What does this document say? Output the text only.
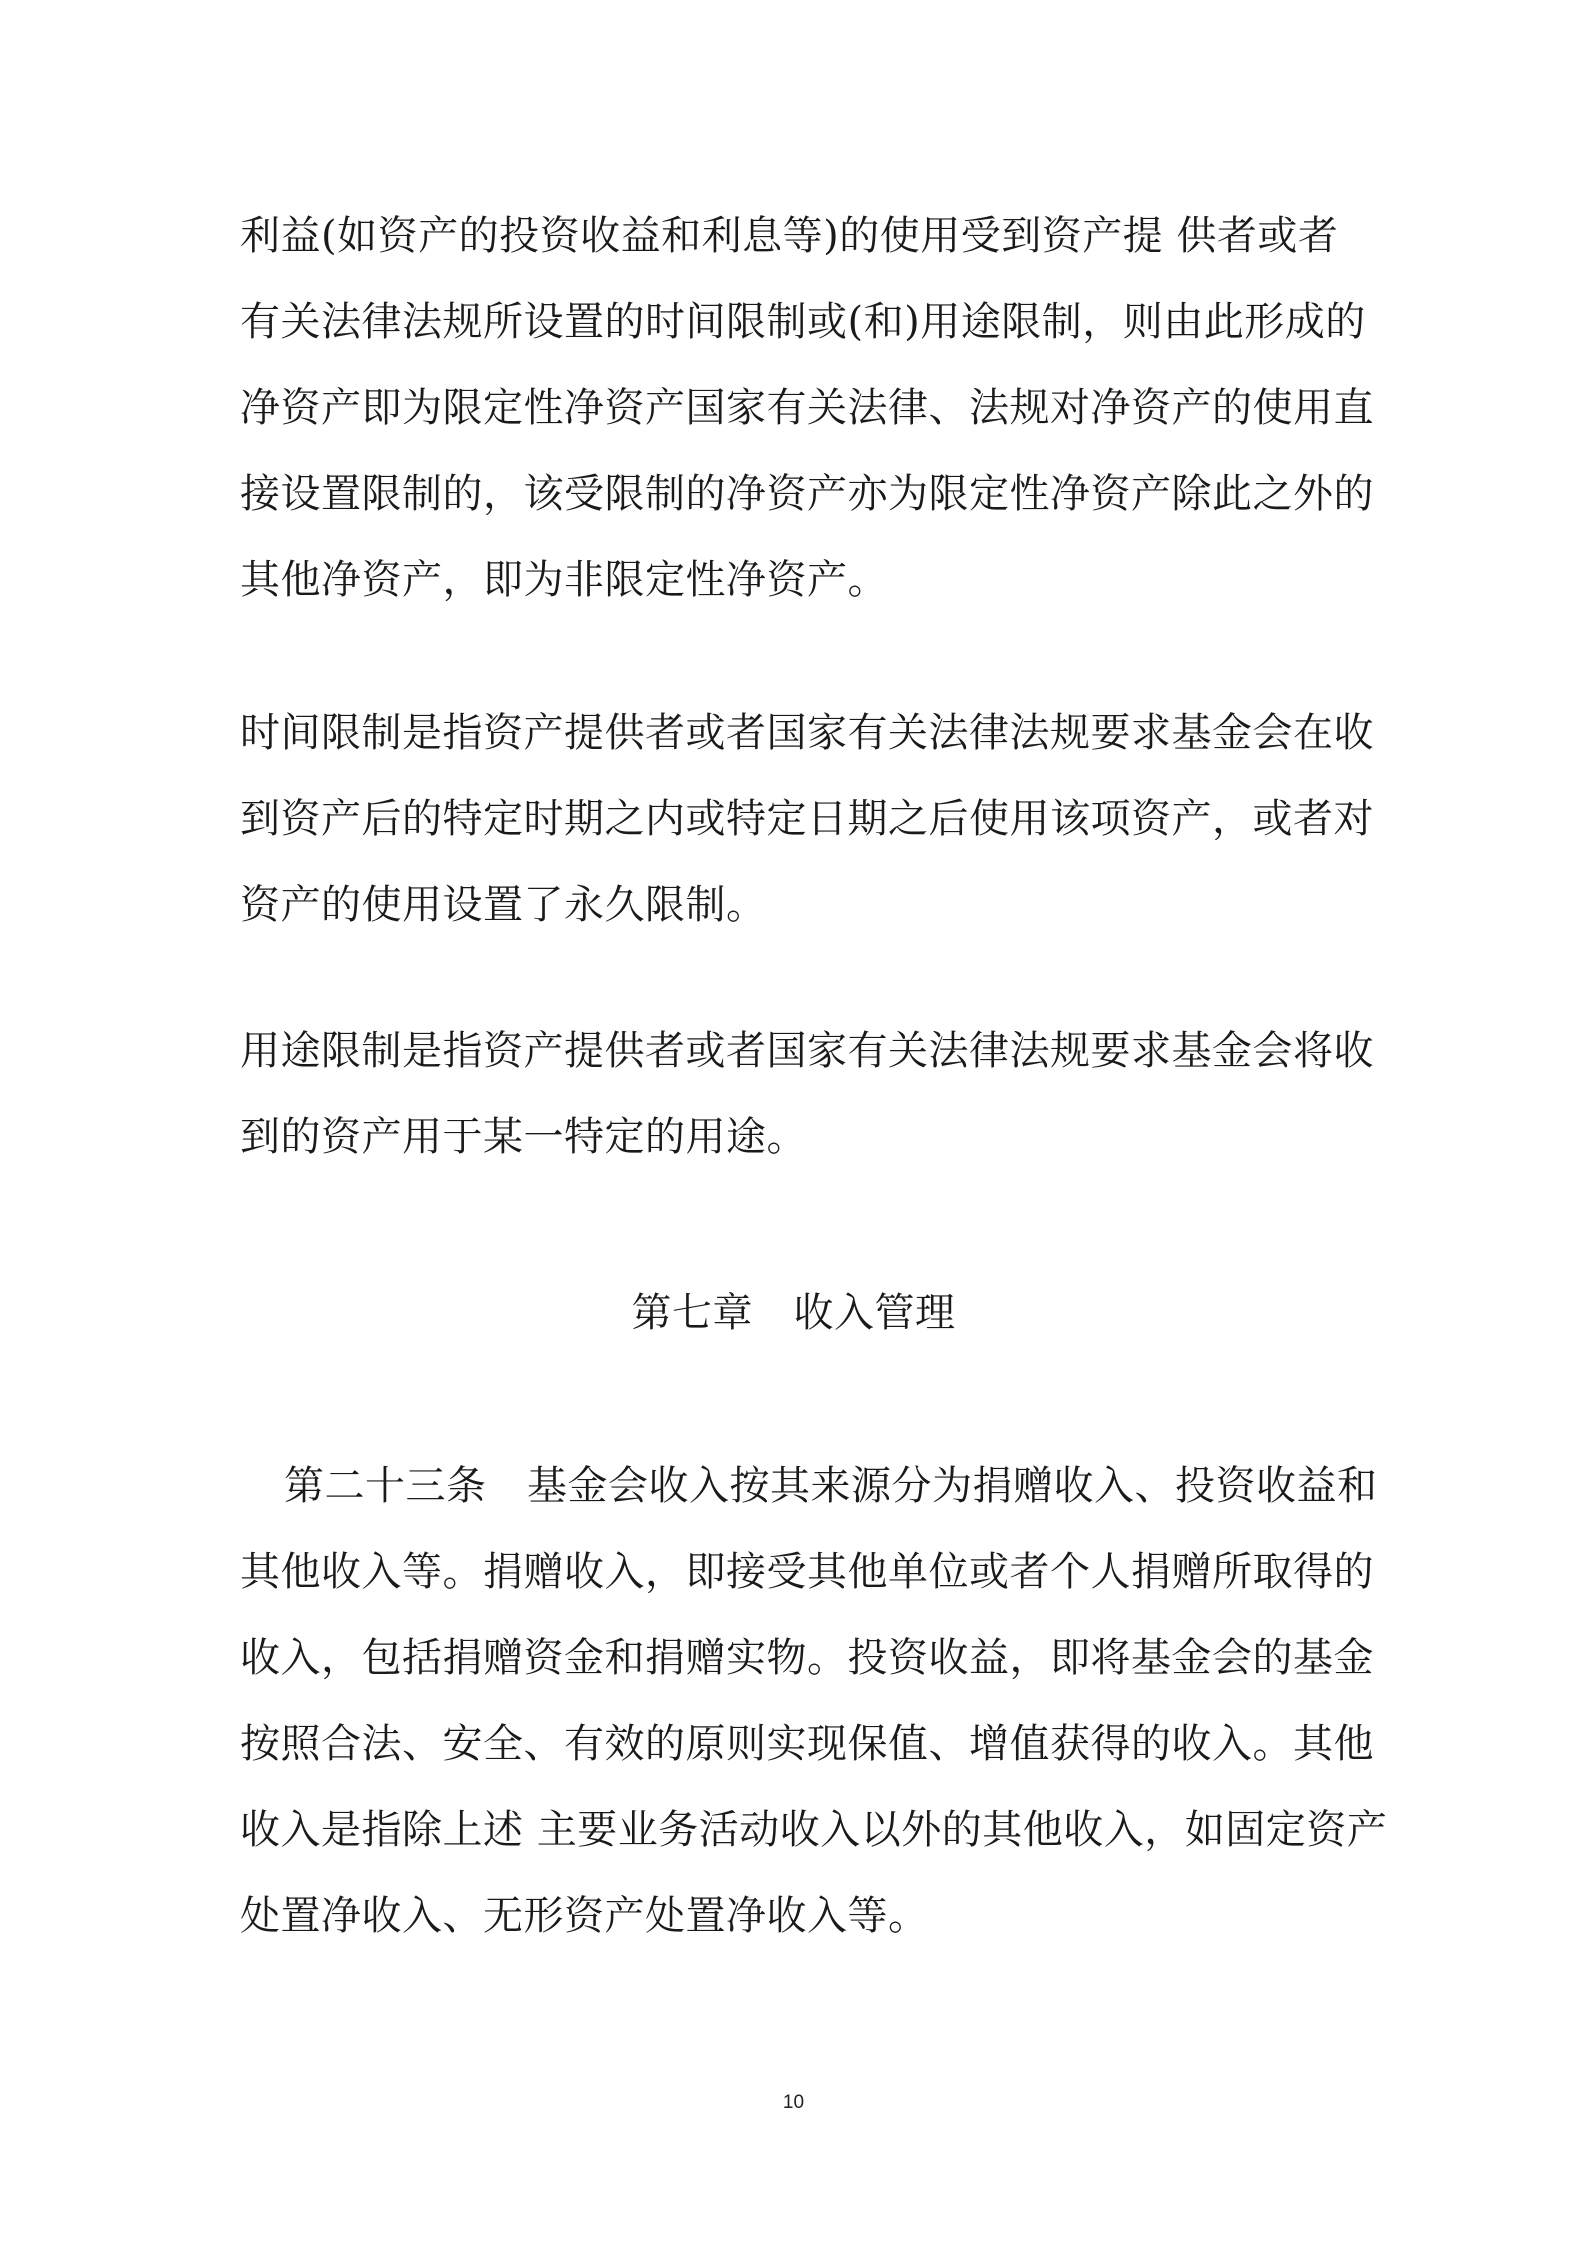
利益(如资产的投资收益和利息等)的使用受到资产提 供者或者
有关法律法规所设置的时间限制或(和)用途限制，则由此形成的
净资产即为限定性净资产国家有关法律、法规对净资产的使用直
接设置限制的，该受限制的净资产亦为限定性净资产除此之外的
其他净资产，即为非限定性净资产。
时间限制是指资产提供者或者国家有关法律法规要求基金会在收
到资产后的特定时期之内或特定日期之后使用该项资产，或者对
资产的使用设置了永久限制。
用途限制是指资产提供者或者国家有关法律法规要求基金会将收
到的资产用于某一特定的用途。
第七章　收入管理
第二十三条　基金会收入按其来源分为捐赠收入、投资收益和
其他收入等。捐赠收入，即接受其他单位或者个人捐赠所取得的
收入，包括捐赠资金和捐赠实物。投资收益，即将基金会的基金
按照合法、安全、有效的原则实现保值、增值获得的收入。其他
收入是指除上述 主要业务活动收入以外的其他收入，如固定资产
处置净收入、无形资产处置净收入等。
10
